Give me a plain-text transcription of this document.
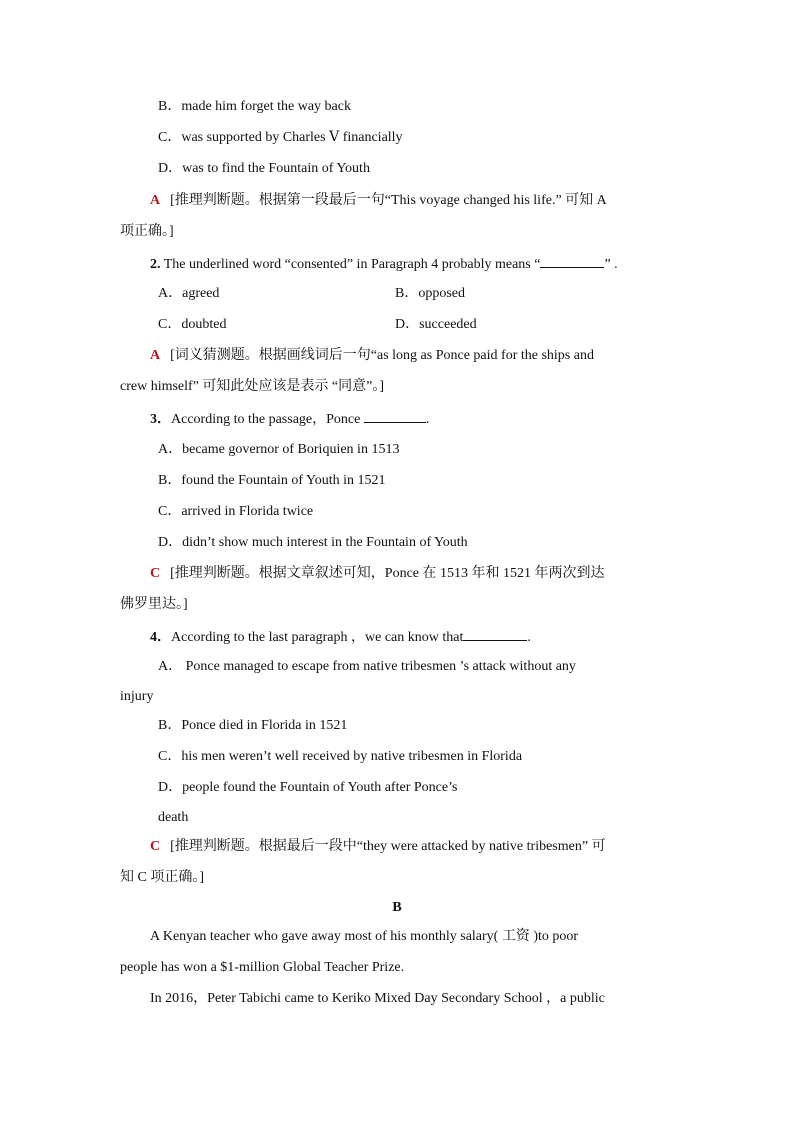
B．made him forget the way back
C．was supported by Charles Ⅴ financially
D．was to find the Fountain of Youth
A [推理判断题。根据第一段最后一句“This voyage changed his life.” 可知 A
项正确。]
2. The underlined word “consented” in Paragraph 4 probably means “	” .
A．agreed	B．opposed
C．doubted	D．succeeded
A [词义猜测题。根据画线词后一句“as long as Ponce paid for the ships and
crew himself” 可知此处应该是表示 “同意”。]
3．According to the passage，Ponce	.
A．became governor of Boriquien in 1513
B．found the Fountain of Youth in 1521
C．arrived in Florida twice
D．didn’t show much interest in the Fountain of Youth
C [推理判断题。根据文章叙述可知，Ponce 在 1513 年和 1521 年两次到达
佛罗里达。]
4．According to the last paragraph ，we can know that	.
A． Ponce managed to escape from native tribesmen ’s attack without any
injury
B．Ponce died in Florida in 1521
C．his men weren’t well received by native tribesmen in Florida
D．people found the Fountain of Youth after Ponce’s
death
C [推理判断题。根据最后一段中“they were attacked by native tribesmen” 可
知 C 项正确。]
B
A Kenyan teacher who gave away most of his monthly salary( 工资 )to poor
people has won a $1-million Global Teacher Prize.
In 2016，Peter Tabichi came to Keriko Mixed Day Secondary School ，a public
